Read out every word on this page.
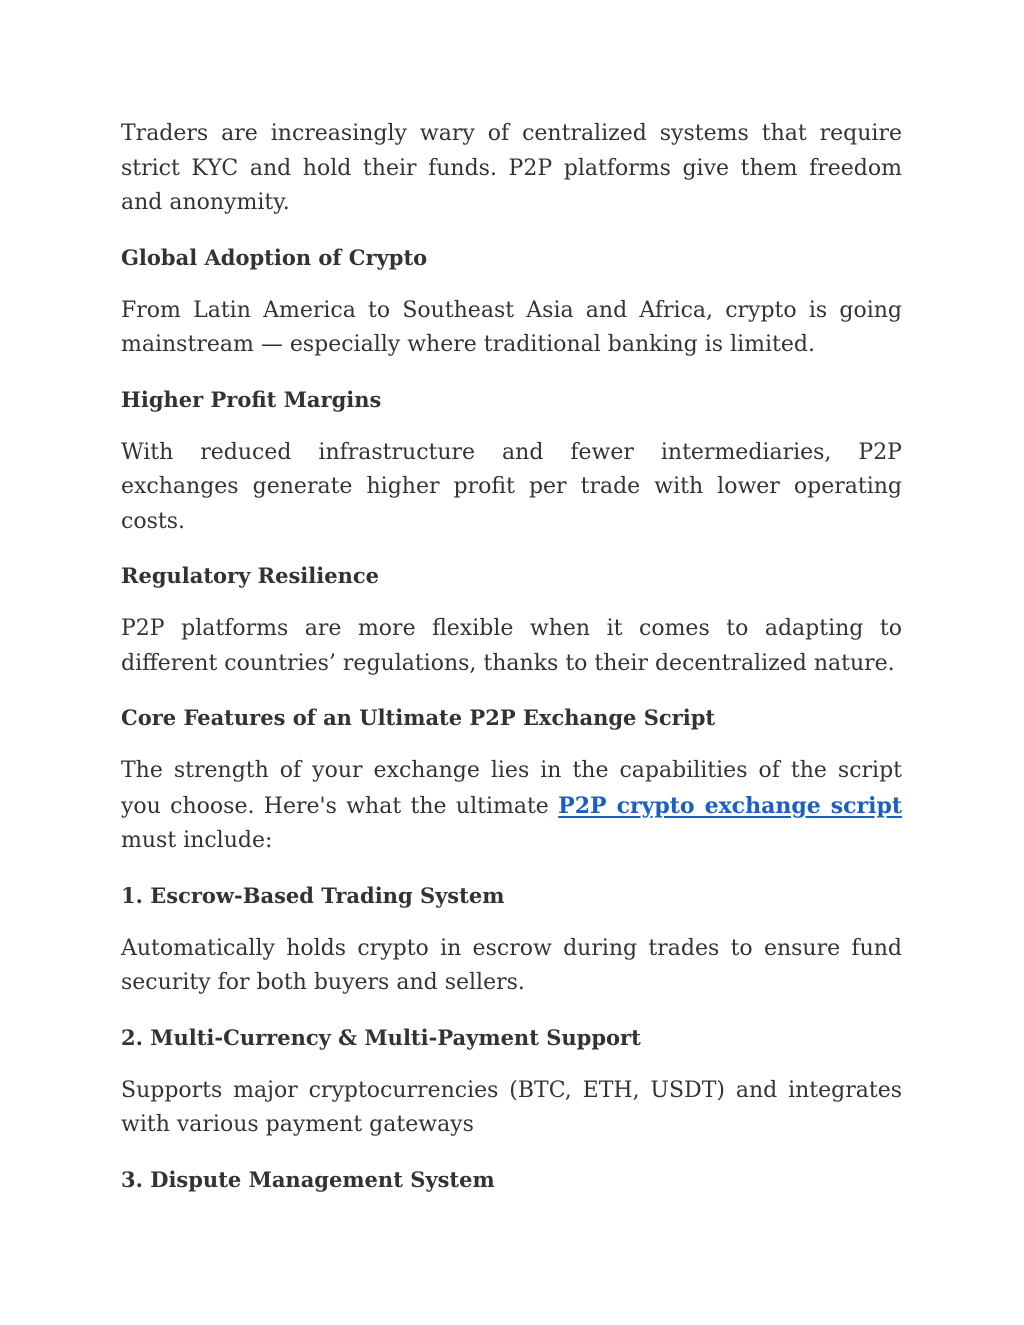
Traders are increasingly wary of centralized systems that require strict KYC and hold their funds. P2P platforms give them freedom and anonymity.

Global Adoption of Crypto

From Latin America to Southeast Asia and Africa, crypto is going mainstream — especially where traditional banking is limited.

Higher Profit Margins

With reduced infrastructure and fewer intermediaries, P2P exchanges generate higher profit per trade with lower operating costs.

Regulatory Resilience

P2P platforms are more flexible when it comes to adapting to different countries’ regulations, thanks to their decentralized nature.

Core Features of an Ultimate P2P Exchange Script

The strength of your exchange lies in the capabilities of the script you choose. Here's what the ultimate P2P crypto exchange script must include:

1. Escrow-Based Trading System

Automatically holds crypto in escrow during trades to ensure fund security for both buyers and sellers.

2. Multi-Currency & Multi-Payment Support

Supports major cryptocurrencies (BTC, ETH, USDT) and integrates with various payment gateways

3. Dispute Management System
